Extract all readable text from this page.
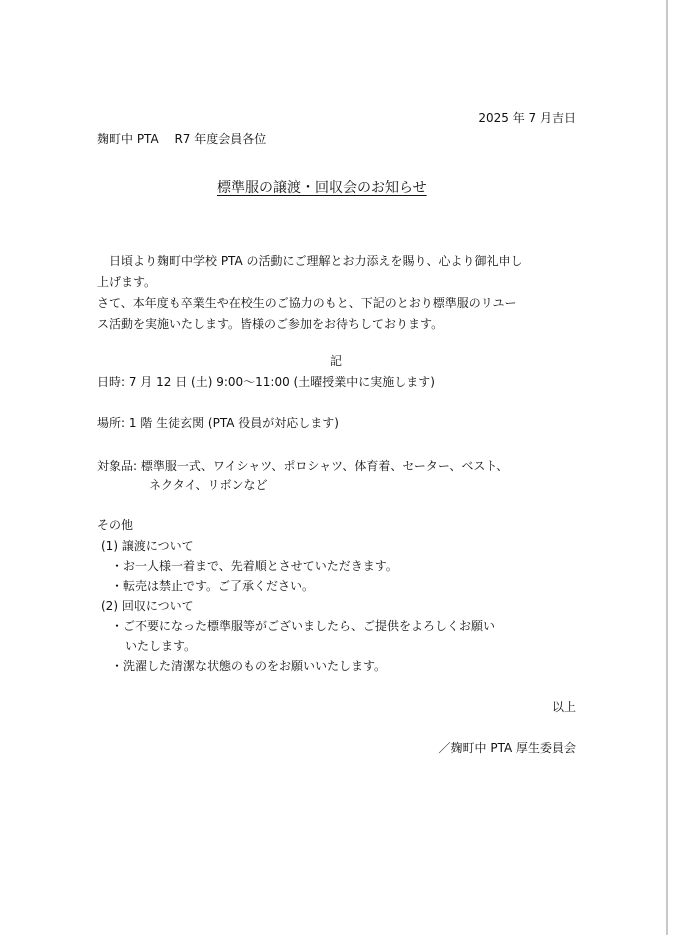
2025 年 7 月吉日
麹町中 PTA　 R7 年度会員各位
標準服の譲渡・回収会のお知らせ
　日頃より麹町中学校 PTA の活動にご理解とお力添えを賜り、心より御礼申し
上げます。
さて、本年度も卒業生や在校生のご協力のもと、下記のとおり標準服のリユー
ス活動を実施いたします。皆様のご参加をお待ちしております。
記
日時: 7 月 12 日 (土) 9:00～11:00 (土曜授業中に実施します)
場所: 1 階 生徒玄関 (PTA 役員が対応します)
対象品: 標準服一式、ワイシャツ、ポロシャツ、体育着、セーター、ベスト、
ネクタイ、リボンなど
その他
(1) 譲渡について
・お一人様一着まで、先着順とさせていただきます。
・転売は禁止です。ご了承ください。
(2) 回収について
・ご不要になった標準服等がございましたら、ご提供をよろしくお願い
いたします。
・洗濯した清潔な状態のものをお願いいたします。
以上
／麹町中 PTA 厚生委員会
